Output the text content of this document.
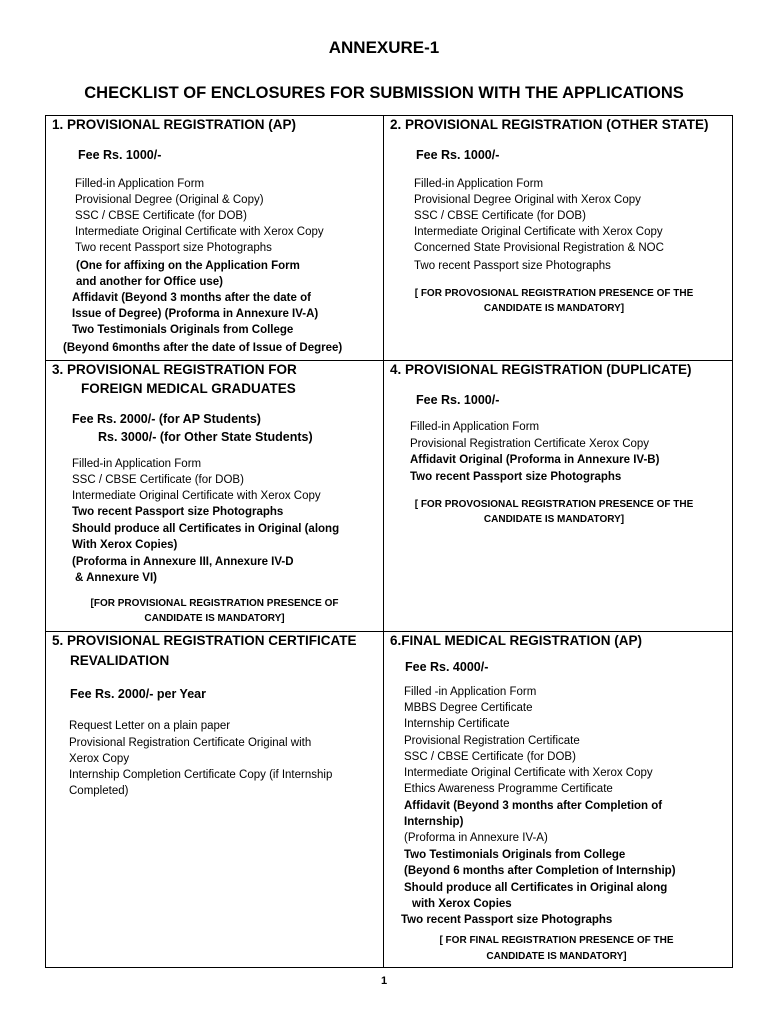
ANNEXURE-1
CHECKLIST OF ENCLOSURES FOR SUBMISSION WITH THE APPLICATIONS
1. PROVISIONAL REGISTRATION (AP)
Fee Rs. 1000/-
Filled-in Application Form
Provisional Degree (Original & Copy)
SSC / CBSE Certificate (for DOB)
Intermediate Original Certificate with Xerox Copy
Two recent Passport size Photographs
(One for affixing on the Application Form
and another for Office use)
Affidavit (Beyond 3 months after the date of
Issue of Degree) (Proforma in Annexure IV-A)
Two Testimonials Originals from College
(Beyond 6months after the date of Issue of Degree)
2. PROVISIONAL REGISTRATION (OTHER STATE)
Fee Rs. 1000/-
Filled-in Application Form
Provisional Degree Original with Xerox Copy
SSC / CBSE Certificate (for DOB)
Intermediate Original Certificate with Xerox Copy
Concerned State Provisional Registration & NOC
Two recent Passport size Photographs
[ FOR PROVOSIONAL REGISTRATION PRESENCE OF THE
CANDIDATE IS MANDATORY]
3. PROVISIONAL REGISTRATION FOR
FOREIGN MEDICAL GRADUATES
Fee Rs. 2000/- (for AP Students)
Rs. 3000/- (for Other State Students)
Filled-in Application Form
SSC / CBSE Certificate (for DOB)
Intermediate Original Certificate with Xerox Copy
Two recent Passport size Photographs
Should produce all Certificates in Original (along
With Xerox Copies)
(Proforma in Annexure III, Annexure IV-D
& Annexure VI)
[FOR PROVISIONAL REGISTRATION PRESENCE OF
CANDIDATE IS MANDATORY]
4. PROVISIONAL REGISTRATION (DUPLICATE)
Fee Rs. 1000/-
Filled-in Application Form
Provisional Registration Certificate Xerox Copy
Affidavit Original (Proforma in Annexure IV-B)
Two recent Passport size Photographs
[ FOR PROVOSIONAL REGISTRATION PRESENCE OF THE
CANDIDATE IS MANDATORY]
5. PROVISIONAL REGISTRATION CERTIFICATE
REVALIDATION
Fee Rs. 2000/- per Year
Request Letter on a plain paper
Provisional Registration Certificate Original with
Xerox Copy
Internship Completion Certificate Copy (if Internship
Completed)
6.FINAL MEDICAL REGISTRATION (AP)
Fee Rs. 4000/-
Filled -in Application Form
MBBS Degree Certificate
Internship Certificate
Provisional Registration Certificate
SSC / CBSE Certificate (for DOB)
Intermediate Original Certificate with Xerox Copy
Ethics Awareness Programme Certificate
Affidavit (Beyond 3 months after Completion of
Internship)
(Proforma in Annexure IV-A)
Two Testimonials Originals from College
(Beyond 6 months after Completion of Internship)
Should produce all Certificates in Original along
with Xerox Copies
Two recent Passport size Photographs
[ FOR FINAL REGISTRATION PRESENCE OF THE
CANDIDATE IS MANDATORY]
1
